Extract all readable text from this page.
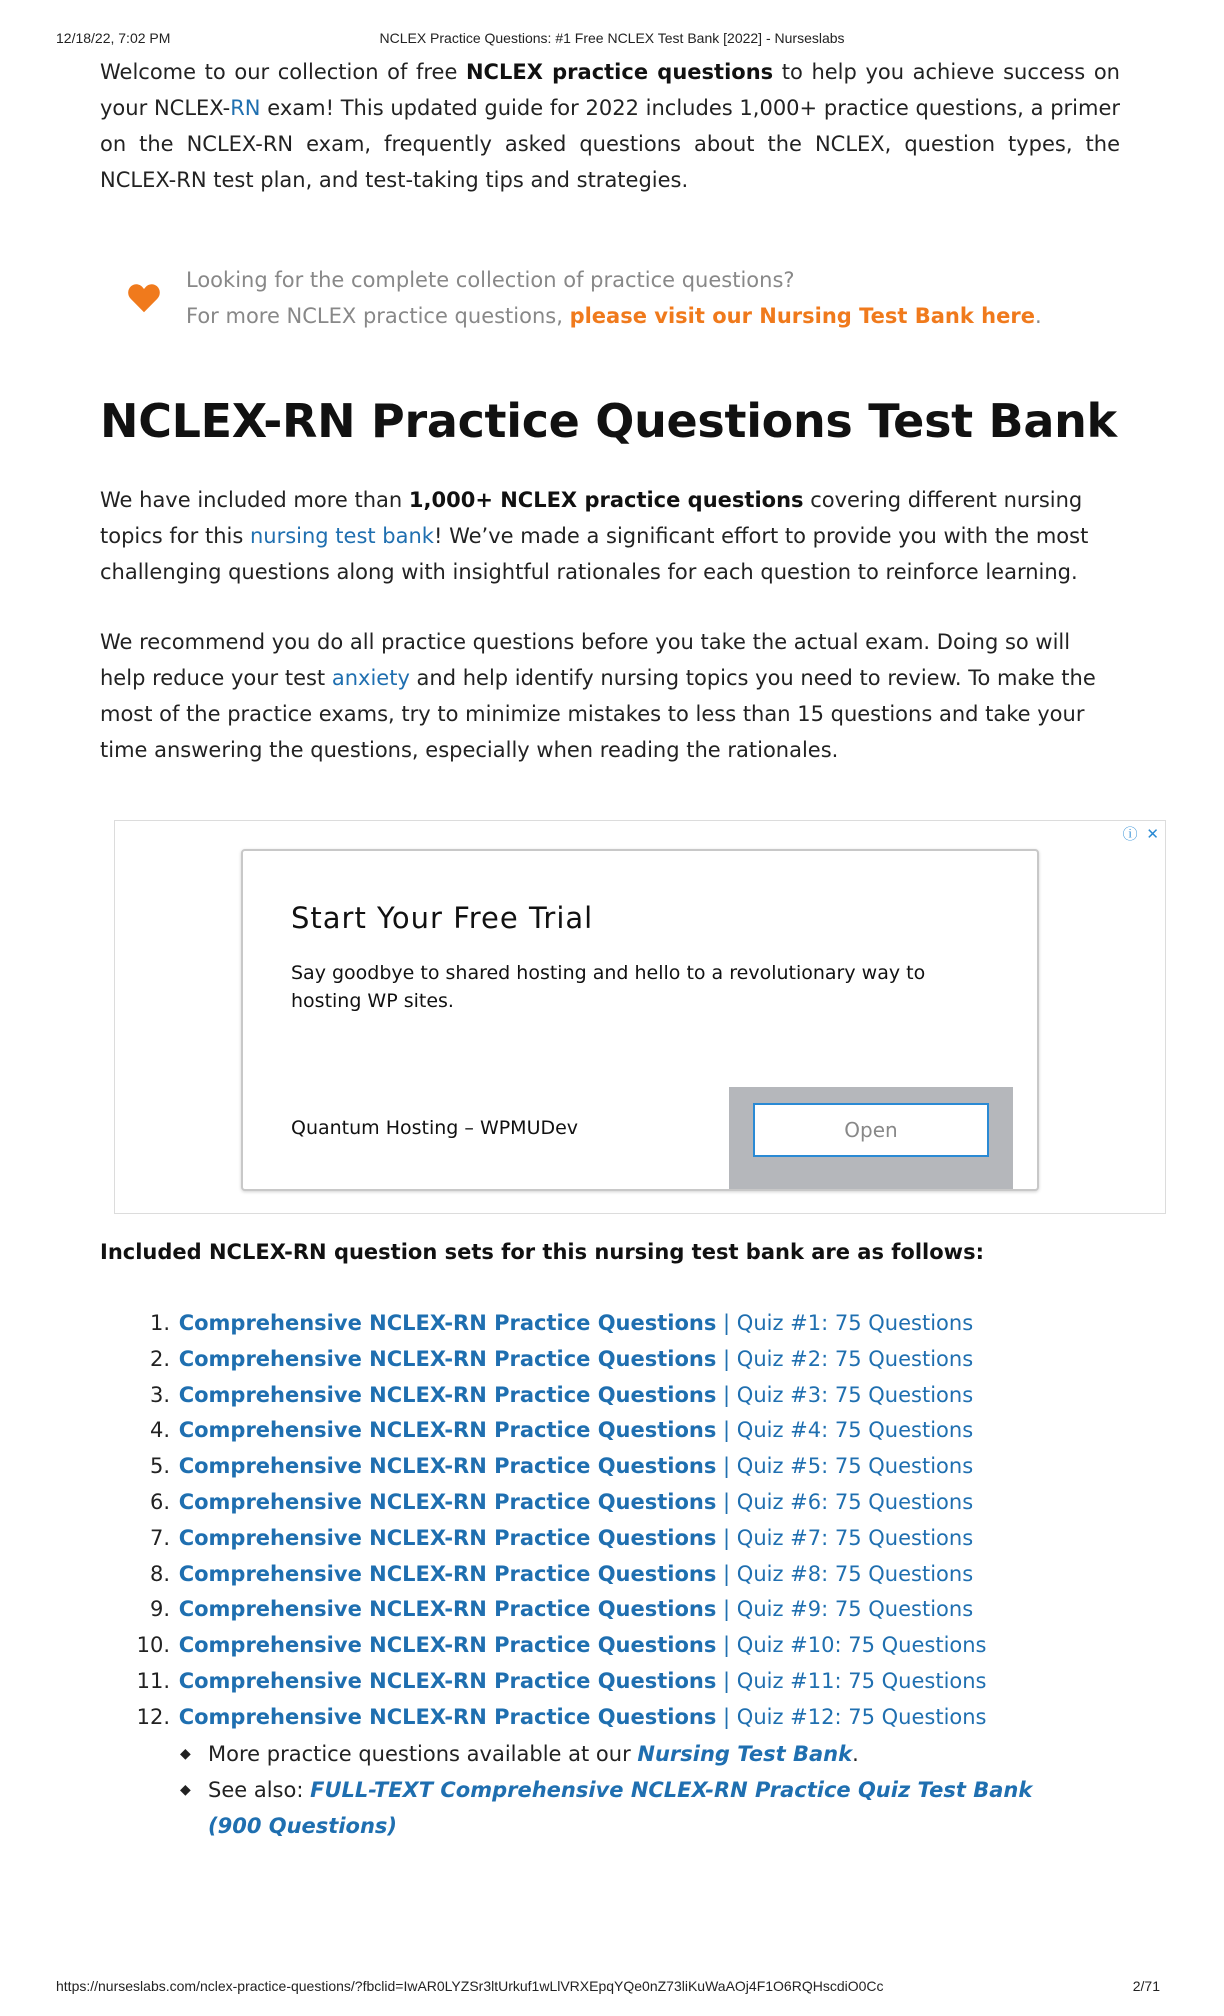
12/18/22, 7:02 PM	NCLEX Practice Questions: #1 Free NCLEX Test Bank [2022] - Nurseslabs

Welcome to our collection of free NCLEX practice questions to help you achieve success on your NCLEX-RN exam! This updated guide for 2022 includes 1,000+ practice questions, a primer on the NCLEX-RN exam, frequently asked questions about the NCLEX, question types, the NCLEX-RN test plan, and test-taking tips and strategies.

Looking for the complete collection of practice questions?
For more NCLEX practice questions, please visit our Nursing Test Bank here.
NCLEX-RN Practice Questions Test Bank

We have included more than 1,000+ NCLEX practice questions covering different nursing topics for this nursing test bank! We’ve made a significant effort to provide you with the most challenging questions along with insightful rationales for each question to reinforce learning.

We recommend you do all practice questions before you take the actual exam. Doing so will help reduce your test anxiety and help identify nursing topics you need to review. To make the most of the practice exams, try to minimize mistakes to less than 15 questions and take your time answering the questions, especially when reading the rationales.

ⓘ ✕
Start Your Free Trial
Say goodbye to shared hosting and hello to a revolutionary way to hosting WP sites.
Quantum Hosting – WPMUDev	Open
Included NCLEX-RN question sets for this nursing test bank are as follows:
1. Comprehensive NCLEX-RN Practice Questions | Quiz #1: 75 Questions
2. Comprehensive NCLEX-RN Practice Questions | Quiz #2: 75 Questions
3. Comprehensive NCLEX-RN Practice Questions | Quiz #3: 75 Questions
4. Comprehensive NCLEX-RN Practice Questions | Quiz #4: 75 Questions
5. Comprehensive NCLEX-RN Practice Questions | Quiz #5: 75 Questions
6. Comprehensive NCLEX-RN Practice Questions | Quiz #6: 75 Questions
7. Comprehensive NCLEX-RN Practice Questions | Quiz #7: 75 Questions
8. Comprehensive NCLEX-RN Practice Questions | Quiz #8: 75 Questions
9. Comprehensive NCLEX-RN Practice Questions | Quiz #9: 75 Questions
10. Comprehensive NCLEX-RN Practice Questions | Quiz #10: 75 Questions
11. Comprehensive NCLEX-RN Practice Questions | Quiz #11: 75 Questions
12. Comprehensive NCLEX-RN Practice Questions | Quiz #12: 75 Questions
◆ More practice questions available at our Nursing Test Bank.
◆ See also: FULL-TEXT Comprehensive NCLEX-RN Practice Quiz Test Bank (900 Questions)
https://nurseslabs.com/nclex-practice-questions/?fbclid=IwAR0LYZSr3ltUrkuf1wLlVRXEpqYQe0nZ73liKuWaAOj4F1O6RQHscdiO0Cc	2/71
